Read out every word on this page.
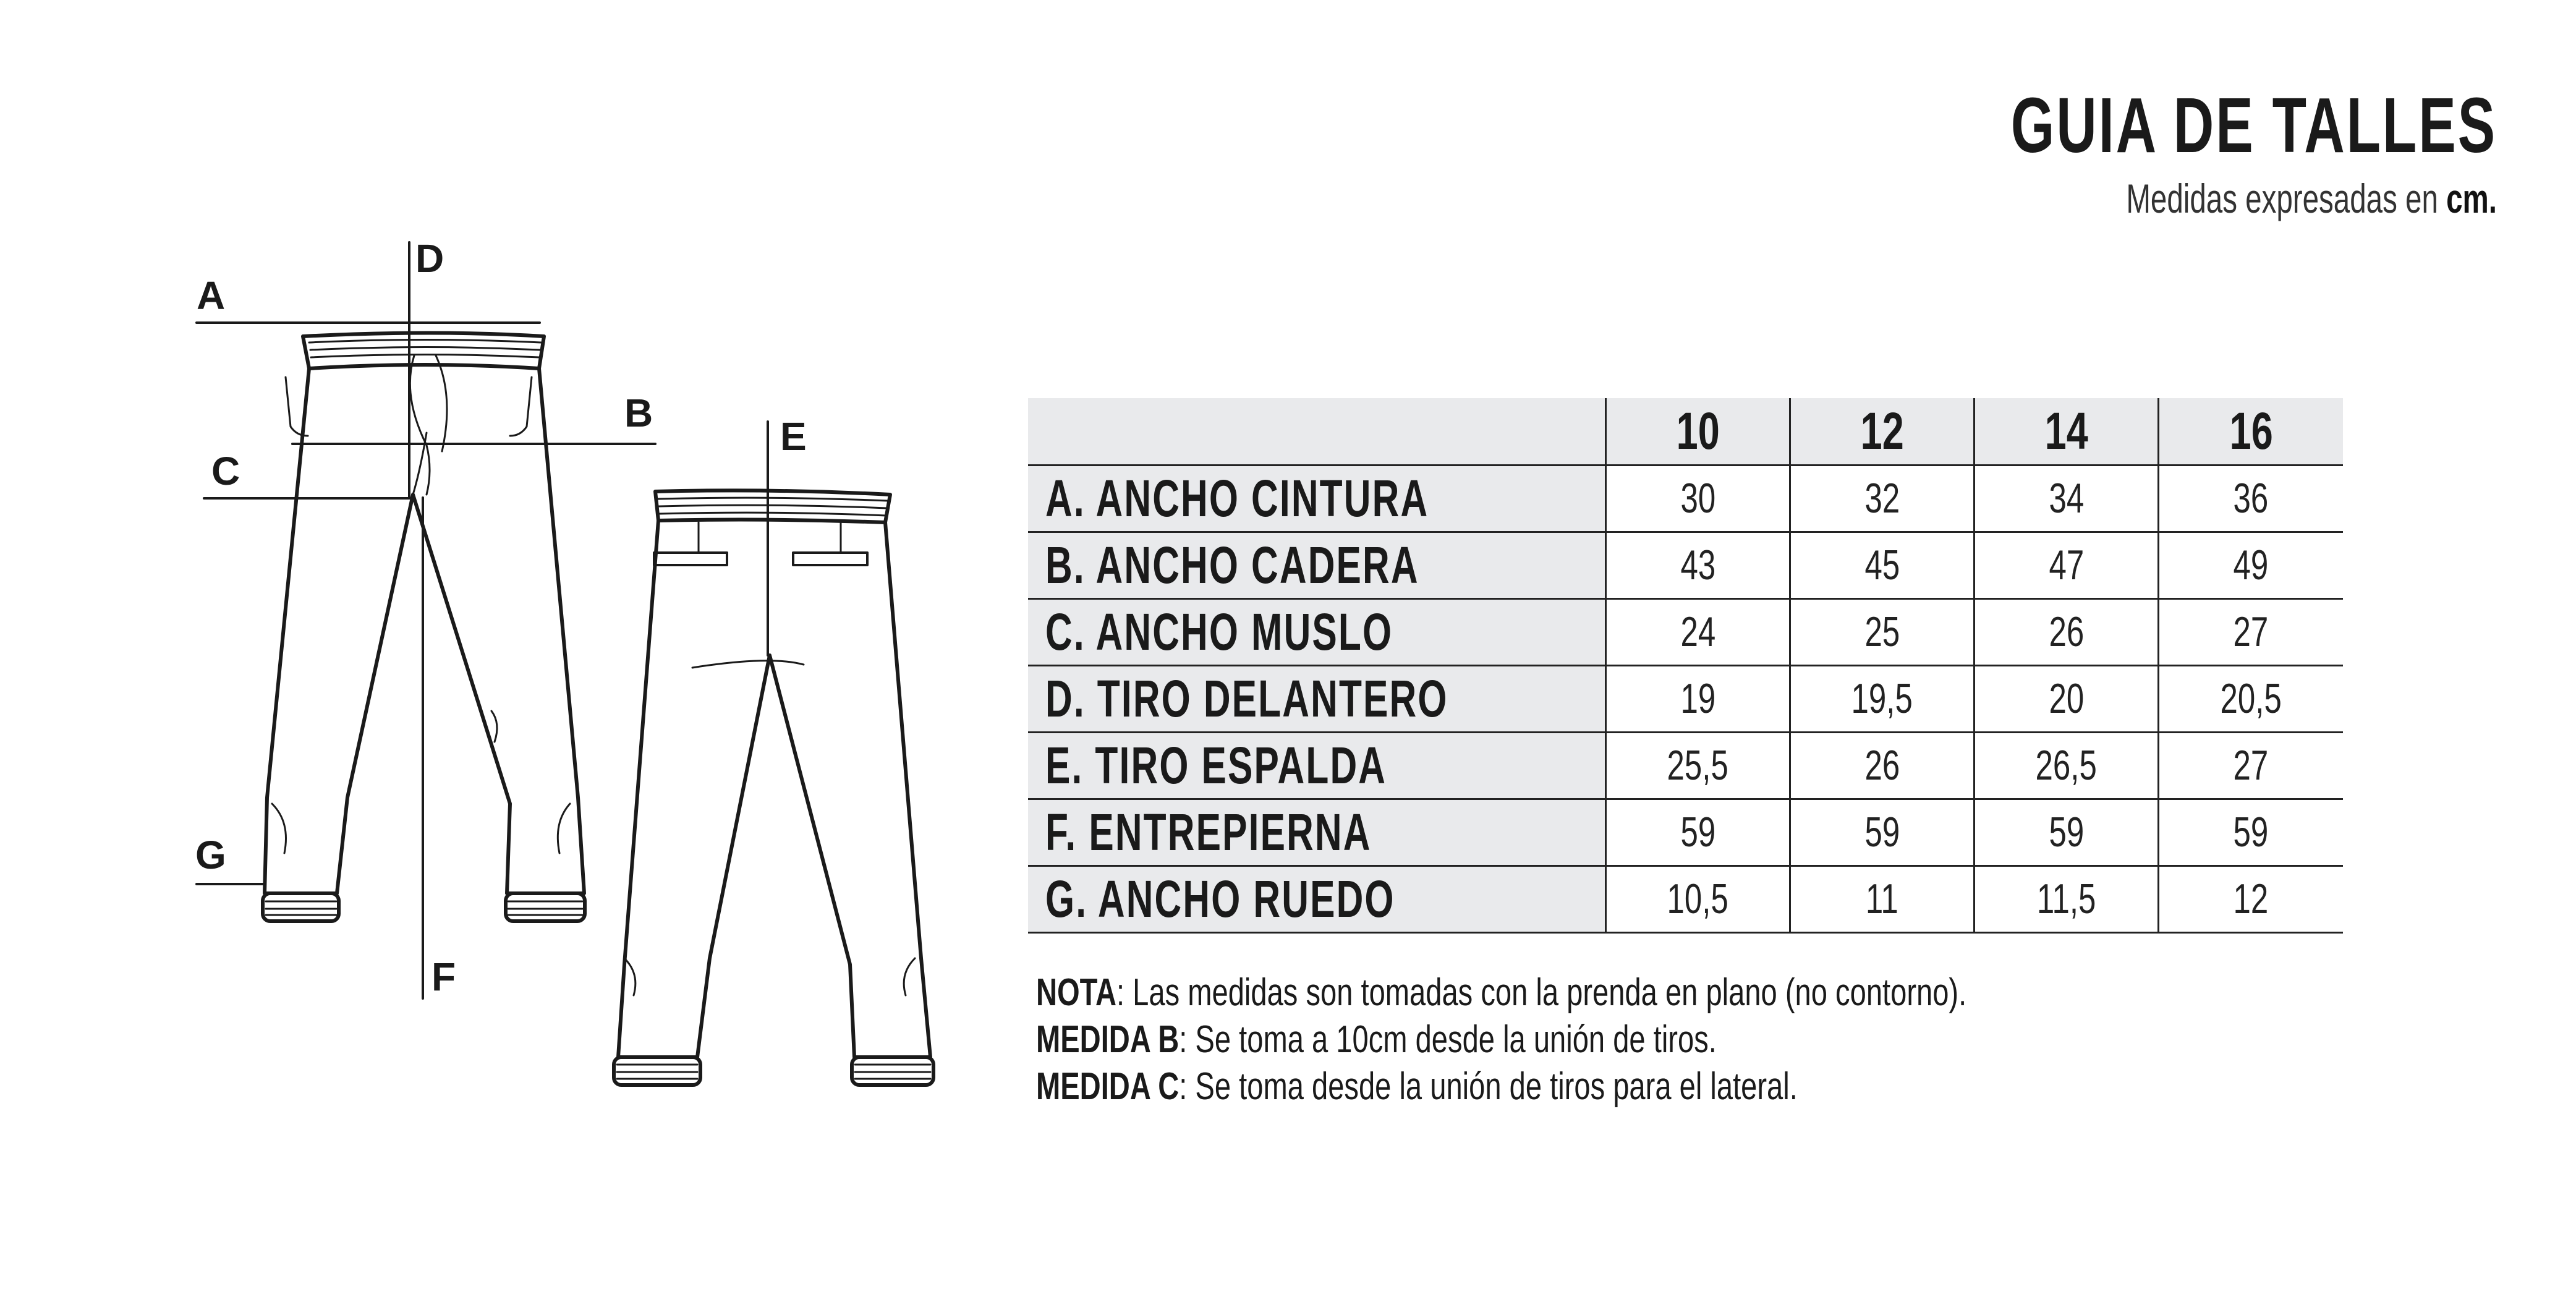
GUIA DE TALLES
Medidas expresadas en cm.
A
D
B
C
E
G
F
	10	12	14	16
A. ANCHO CINTURA	30	32	34	36
B. ANCHO CADERA	43	45	47	49
C. ANCHO MUSLO	24	25	26	27
D. TIRO DELANTERO	19	19,5	20	20,5
E. TIRO ESPALDA	25,5	26	26,5	27
F. ENTREPIERNA	59	59	59	59
G. ANCHO RUEDO	10,5	11	11,5	12
NOTA: Las medidas son tomadas con la prenda en plano (no contorno).
MEDIDA B: Se toma a 10cm desde la unión de tiros.
MEDIDA C: Se toma desde la unión de tiros para el lateral.
